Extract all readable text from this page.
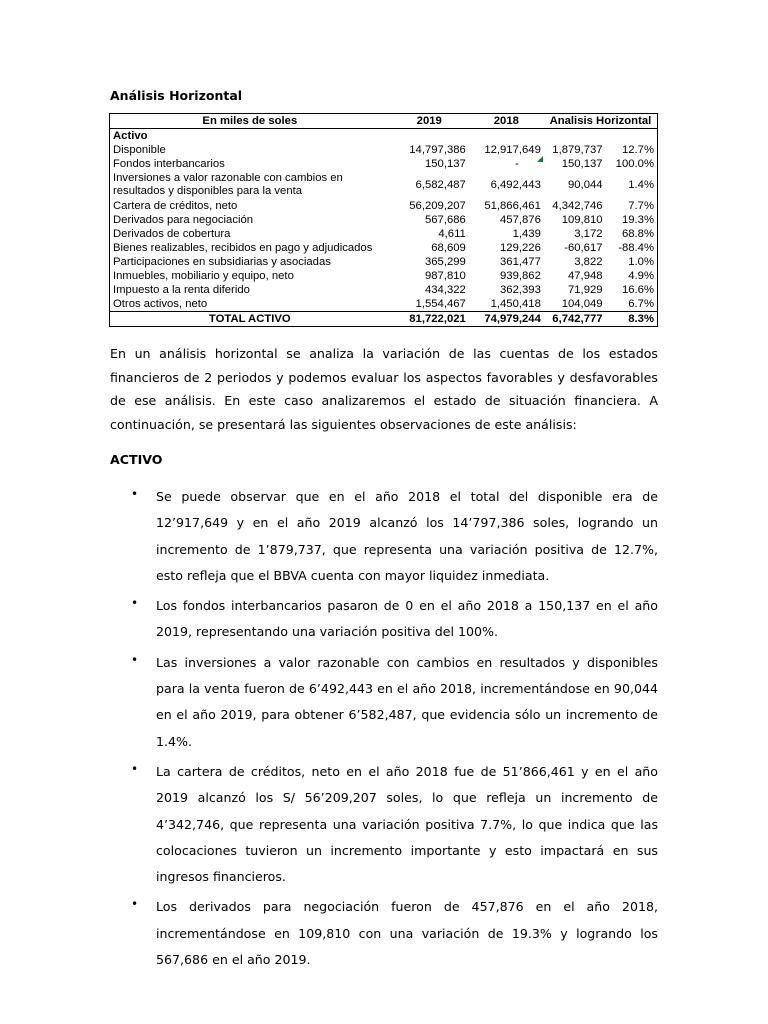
Análisis Horizontal
En miles de soles	2019	2018	Analisis Horizontal	
Activo				
Disponible	14,797,386	12,917,649	1,879,737	12.7%
Fondos interbancarios	150,137	-	150,137	100.0%
Inversiones a valor razonable con cambios en resultados y disponibles para la venta	6,582,487	6,492,443	90,044	1.4%
Cartera de créditos, neto	56,209,207	51,866,461	4,342,746	7.7%
Derivados para negociación	567,686	457,876	109,810	19.3%
Derivados de cobertura	4,611	1,439	3,172	68.8%
Bienes realizables, recibidos en pago y adjudicados	68,609	129,226	-60,617	-88.4%
Participaciones en subsidiarias y asociadas	365,299	361,477	3,822	1.0%
Inmuebles, mobiliario y equipo, neto	987,810	939,862	47,948	4.9%
Impuesto a la renta diferido	434,322	362,393	71,929	16.6%
Otros activos, neto	1,554,467	1,450,418	104,049	6.7%
TOTAL ACTIVO	81,722,021	74,979,244	6,742,777	8.3%
En un análisis horizontal se analiza la variación de las cuentas de los estados financieros de 2 periodos y podemos evaluar los aspectos favorables y desfavorables de ese análisis. En este caso analizaremos el estado de situación financiera. A continuación, se presentará las siguientes observaciones de este análisis:
ACTIVO
• Se puede observar que en el año 2018 el total del disponible era de 12’917,649 y en el año 2019 alcanzó los 14’797,386 soles, logrando un incremento de 1’879,737, que representa una variación positiva de 12.7%, esto refleja que el BBVA cuenta con mayor liquidez inmediata.
• Los fondos interbancarios pasaron de 0 en el año 2018 a 150,137 en el año 2019, representando una variación positiva del 100%.
• Las inversiones a valor razonable con cambios en resultados y disponibles para la venta fueron de 6’492,443 en el año 2018, incrementándose en 90,044 en el año 2019, para obtener 6’582,487, que evidencia sólo un incremento de 1.4%.
• La cartera de créditos, neto en el año 2018 fue de 51’866,461 y en el año 2019 alcanzó los S/ 56’209,207 soles, lo que refleja un incremento de 4’342,746, que representa una variación positiva 7.7%, lo que indica que las colocaciones tuvieron un incremento importante y esto impactará en sus ingresos financieros.
• Los derivados para negociación fueron de 457,876 en el año 2018, incrementándose en 109,810 con una variación de 19.3% y logrando los 567,686 en el año 2019.
